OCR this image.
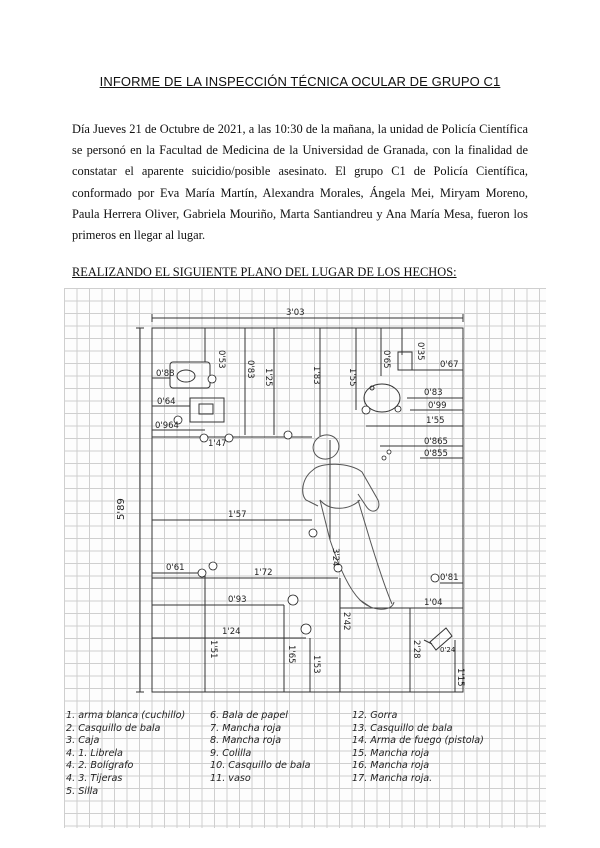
INFORME DE LA INSPECCIÓN TÉCNICA OCULAR DE GRUPO C1
Día Jueves 21 de Octubre de 2021, a las 10:30 de la mañana, la unidad de Policía Científica se personó en la Facultad de Medicina de la Universidad de Granada, con la finalidad de constatar el aparente suicidio/posible asesinato. El grupo C1 de Policía Científica, conformado por Eva María Martín, Alexandra Morales, Ángela Mei, Miryam Moreno, Paula Herrera Oliver, Gabriela Mouriño, Marta Santiandreu y Ana María Mesa, fueron los primeros en llegar al lugar.
REALIZANDO EL SIGUIENTE PLANO DEL LUGAR DE LOS HECHOS:
3'03
5'89
0'53
0'88
0'64
0'964
0'83 1'25
1'47
1'83	1'55
0'65	0'35
0'67
0'83
0'99
1'55
0'865
0'855
1'57
0'61	1'72
0'93
1'24
1'51	1'65
1'53
2'42
3'24
0'81
1'04
2'28	0'24
1'15
1. arma blanca (cuchillo)
2. Casquillo de bala
3. Caja
4. 1. Librela
4. 2. Bolígrafo
4. 3. Tijeras
5. Silla
6. Bala de papel
7. Mancha roja
8. Mancha roja
9. Colilla
10. Casquillo de bala
11. vaso
12. Gorra
13. Casquillo de bala
14. Arma de fuego (pistola)
15. Mancha roja
16. Mancha roja
17. Mancha roja.
